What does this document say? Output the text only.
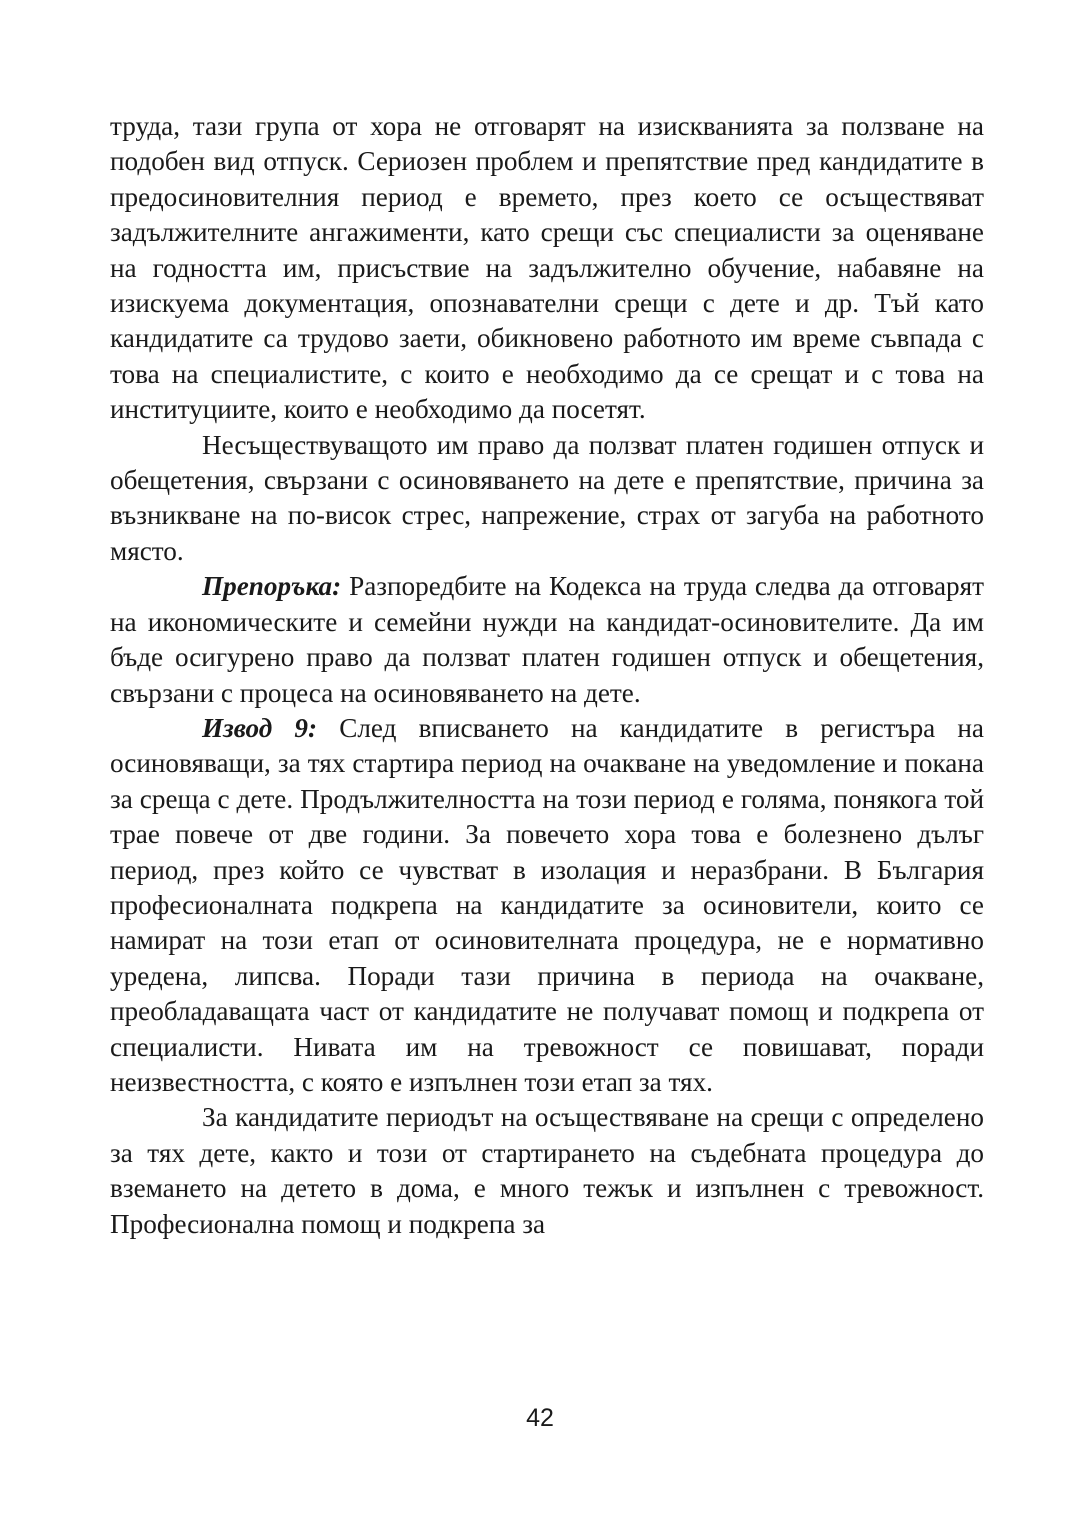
труда, тази група от хора не отговарят на изискванията за ползване на подобен вид отпуск. Сериозен проблем и препятствие пред кандидатите в предосиновителния период е времето, през което се осъществяват задължителните ангажименти, като срещи със специалисти за оценяване на годността им, присъствие на задължително обучение, набавяне на изискуема документация, опознавателни срещи с дете и др. Тъй като кандидатите са трудово заети, обикновено работното им време съвпада с това на специалистите, с които е необходимо да се срещат и с това на институциите, които е необходимо да посетят.

Несъществуващото им право да ползват платен годишен отпуск и обещетения, свързани с осиновяването на дете е препятствие, причина за възникване на по-висок стрес, напрежение, страх от загуба на работното място.

Препоръка: Разпоредбите на Кодекса на труда следва да отговарят на икономическите и семейни нужди на кандидат-осиновителите. Да им бъде осигурено право да ползват платен годишен отпуск и обещетения, свързани с процеса на осиновяването на дете.

Извод 9: След вписването на кандидатите в регистъра на осиновяващи, за тях стартира период на очакване на уведомление и покана за среща с дете. Продължителността на този период е голяма, понякога той трае повече от две години. За повечето хора това е болезнено дълъг период, през който се чувстват в изолация и неразбрани. В България професионалната подкрепа на кандидатите за осиновители, които се намират на този етап от осиновителната процедура, не е нормативно уредена, липсва. Поради тази причина в периода на очакване, преобладаващата част от кандидатите не получават помощ и подкрепа от специалисти. Нивата им на тревожност се повишават, поради неизвестността, с която е изпълнен този етап за тях.

За кандидатите периодът на осъществяване на срещи с определено за тях дете, както и този от стартирането на съдебната процедура до вземането на детето в дома, е много тежък и изпълнен с тревожност. Професионална помощ и подкрепа за

42
